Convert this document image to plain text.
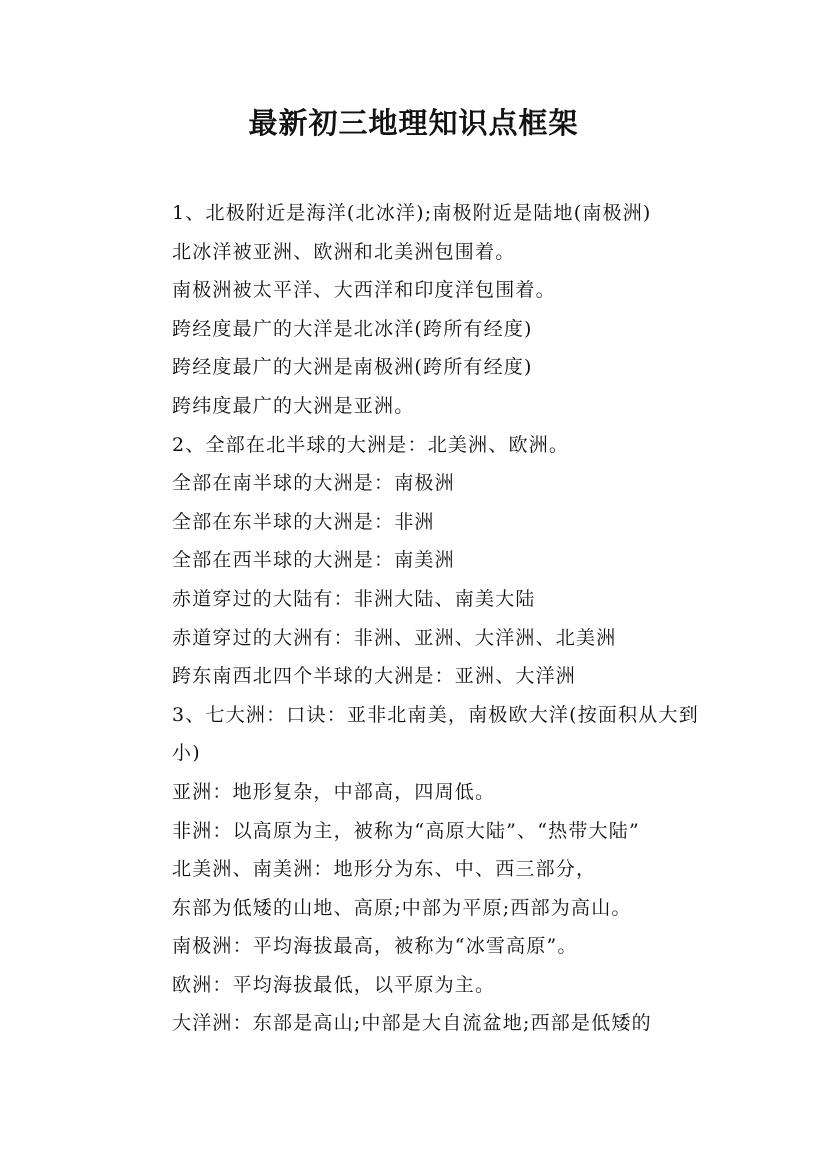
最新初三地理知识点框架

1、北极附近是海洋(北冰洋);南极附近是陆地(南极洲)

北冰洋被亚洲、欧洲和北美洲包围着。

南极洲被太平洋、大西洋和印度洋包围着。

跨经度最广的大洋是北冰洋(跨所有经度)

跨经度最广的大洲是南极洲(跨所有经度)

跨纬度最广的大洲是亚洲。

2、全部在北半球的大洲是：北美洲、欧洲。

全部在南半球的大洲是：南极洲

全部在东半球的大洲是：非洲

全部在西半球的大洲是：南美洲

赤道穿过的大陆有：非洲大陆、南美大陆

赤道穿过的大洲有：非洲、亚洲、大洋洲、北美洲

跨东南西北四个半球的大洲是：亚洲、大洋洲

3、七大洲：口诀：亚非北南美，南极欧大洋(按面积从大到小)

亚洲：地形复杂，中部高，四周低。

非洲：以高原为主，被称为“高原大陆”、“热带大陆”

北美洲、南美洲：地形分为东、中、西三部分，

东部为低矮的山地、高原;中部为平原;西部为高山。

南极洲：平均海拔最高，被称为“冰雪高原”。

欧洲：平均海拔最低，以平原为主。

大洋洲：东部是高山;中部是大自流盆地;西部是低矮的
